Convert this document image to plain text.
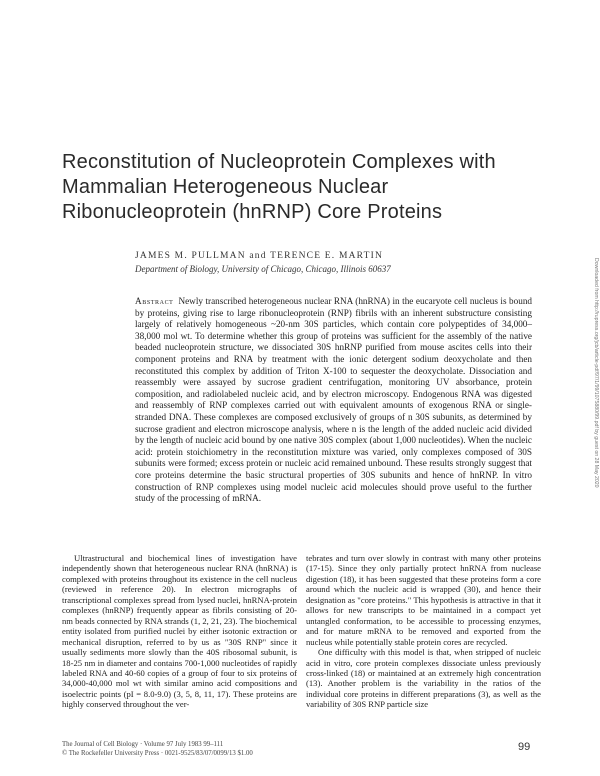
Reconstitution of Nucleoprotein Complexes with Mammalian Heterogeneous Nuclear Ribonucleoprotein (hnRNP) Core Proteins
JAMES M. PULLMAN and TERENCE E. MARTIN
Department of Biology, University of Chicago, Chicago, Illinois 60637
Abstract Newly transcribed heterogeneous nuclear RNA (hnRNA) in the eucaryote cell nucleus is bound by proteins, giving rise to large ribonucleoprotein (RNP) fibrils with an inherent substructure consisting largely of relatively homogeneous ~20-nm 30S particles, which contain core polypeptides of 34,000–38,000 mol wt. To determine whether this group of proteins was sufficient for the assembly of the native beaded nucleoprotein structure, we dissociated 30S hnRNP purified from mouse ascites cells into their component proteins and RNA by treatment with the ionic detergent sodium deoxycholate and then reconstituted this complex by addition of Triton X-100 to sequester the deoxycholate. Dissociation and reassembly were assayed by sucrose gradient centrifugation, monitoring UV absorbance, protein composition, and radiolabeled nucleic acid, and by electron microscopy. Endogenous RNA was digested and reassembly of RNP complexes carried out with equivalent amounts of exogenous RNA or single-stranded DNA. These complexes are composed exclusively of groups of n 30S subunits, as determined by sucrose gradient and electron microscope analysis, where n is the length of the added nucleic acid divided by the length of nucleic acid bound by one native 30S complex (about 1,000 nucleotides). When the nucleic acid: protein stoichiometry in the reconstitution mixture was varied, only complexes composed of 30S subunits were formed; excess protein or nucleic acid remained unbound. These results strongly suggest that core proteins determine the basic structural properties of 30S subunits and hence of hnRNP. In vitro construction of RNP complexes using model nucleic acid molecules should prove useful to the further study of the processing of mRNA.

Ultrastructural and biochemical lines of investigation have independently shown that heterogeneous nuclear RNA (hnRNA) is complexed with proteins throughout its existence in the cell nucleus (reviewed in reference 20). In electron micrographs of transcriptional complexes spread from lysed nuclei, hnRNA-protein complexes (hnRNP) frequently appear as fibrils consisting of 20-nm beads connected by RNA strands (1, 2, 21, 23). The biochemical entity isolated from purified nuclei by either isotonic extraction or mechanical disruption, referred to by us as "30S RNP" since it usually sediments more slowly than the 40S ribosomal subunit, is 18-25 nm in diameter and contains 700-1,000 nucleotides of rapidly labeled RNA and 40-60 copies of a group of four to six proteins of 34,000-40,000 mol wt with similar amino acid compositions and isoelectric points (pI = 8.0-9.0) (3, 5, 8, 11, 17). These proteins are highly conserved throughout the ver-

tebrates and turn over slowly in contrast with many other proteins (17-15). Since they only partially protect hnRNA from nuclease digestion (18), it has been suggested that these proteins form a core around which the nucleic acid is wrapped (30), and hence their designation as "core proteins." This hypothesis is attractive in that it allows for new transcripts to be maintained in a compact yet untangled conformation, to be accessible to processing enzymes, and for mature mRNA to be removed and exported from the nucleus while potentially stable protein cores are recycled.

One difficulty with this model is that, when stripped of nucleic acid in vitro, core protein complexes dissociate unless previously cross-linked (18) or maintained at an extremely high concentration (13). Another problem is the variability in the ratios of the individual core proteins in different preparations (3), as well as the variability of 30S RNP particle size

The Journal of Cell Biology · Volume 97 July 1983 99–111
© The Rockefeller University Press · 0021-9525/83/07/0099/13 $1.00
99
Downloaded from http://rupress.org/jcb/article-pdf/97/1/99/1075880/99.pdf by guest on 28 May 2020
